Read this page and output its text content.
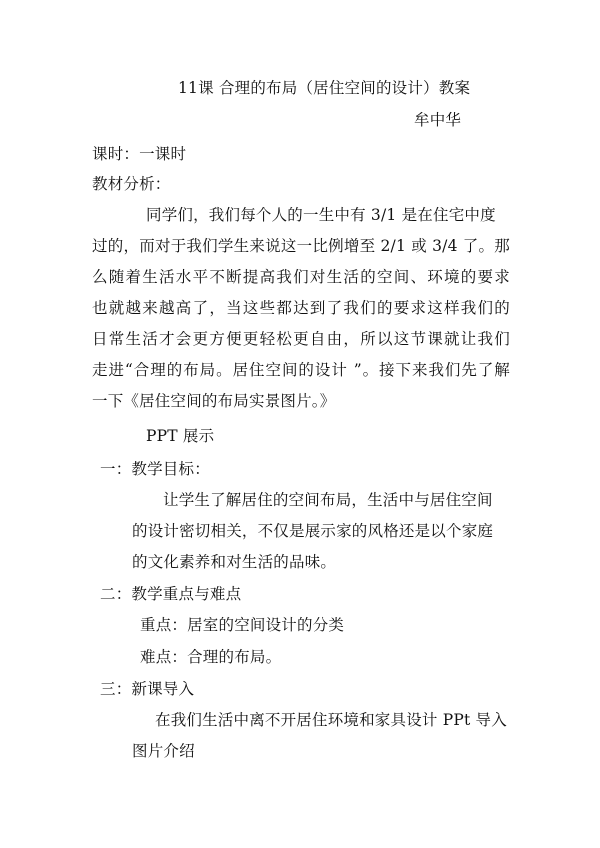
11课 合理的布局（居住空间的设计）教案
牟中华
课时：一课时
教材分析：
同学们，我们每个人的一生中有 3/1 是在住宅中度
过的，而对于我们学生来说这一比例增至 2/1 或 3/4 了。那
么随着生活水平不断提高我们对生活的空间、环境的要求
也就越来越高了，当这些都达到了我们的要求这样我们的
日常生活才会更方便更轻松更自由，所以这节课就让我们
走进“合理的布局。居住空间的设计 ”。接下来我们先了解
一下《居住空间的布局实景图片。》
PPT 展示
一：教学目标：
让学生了解居住的空间布局，生活中与居住空间
的设计密切相关，不仅是展示家的风格还是以个家庭
的文化素养和对生活的品味。
二：教学重点与难点
重点：居室的空间设计的分类
难点：合理的布局。
三：新课导入
在我们生活中离不开居住环境和家具设计 PPt 导入
图片介绍
